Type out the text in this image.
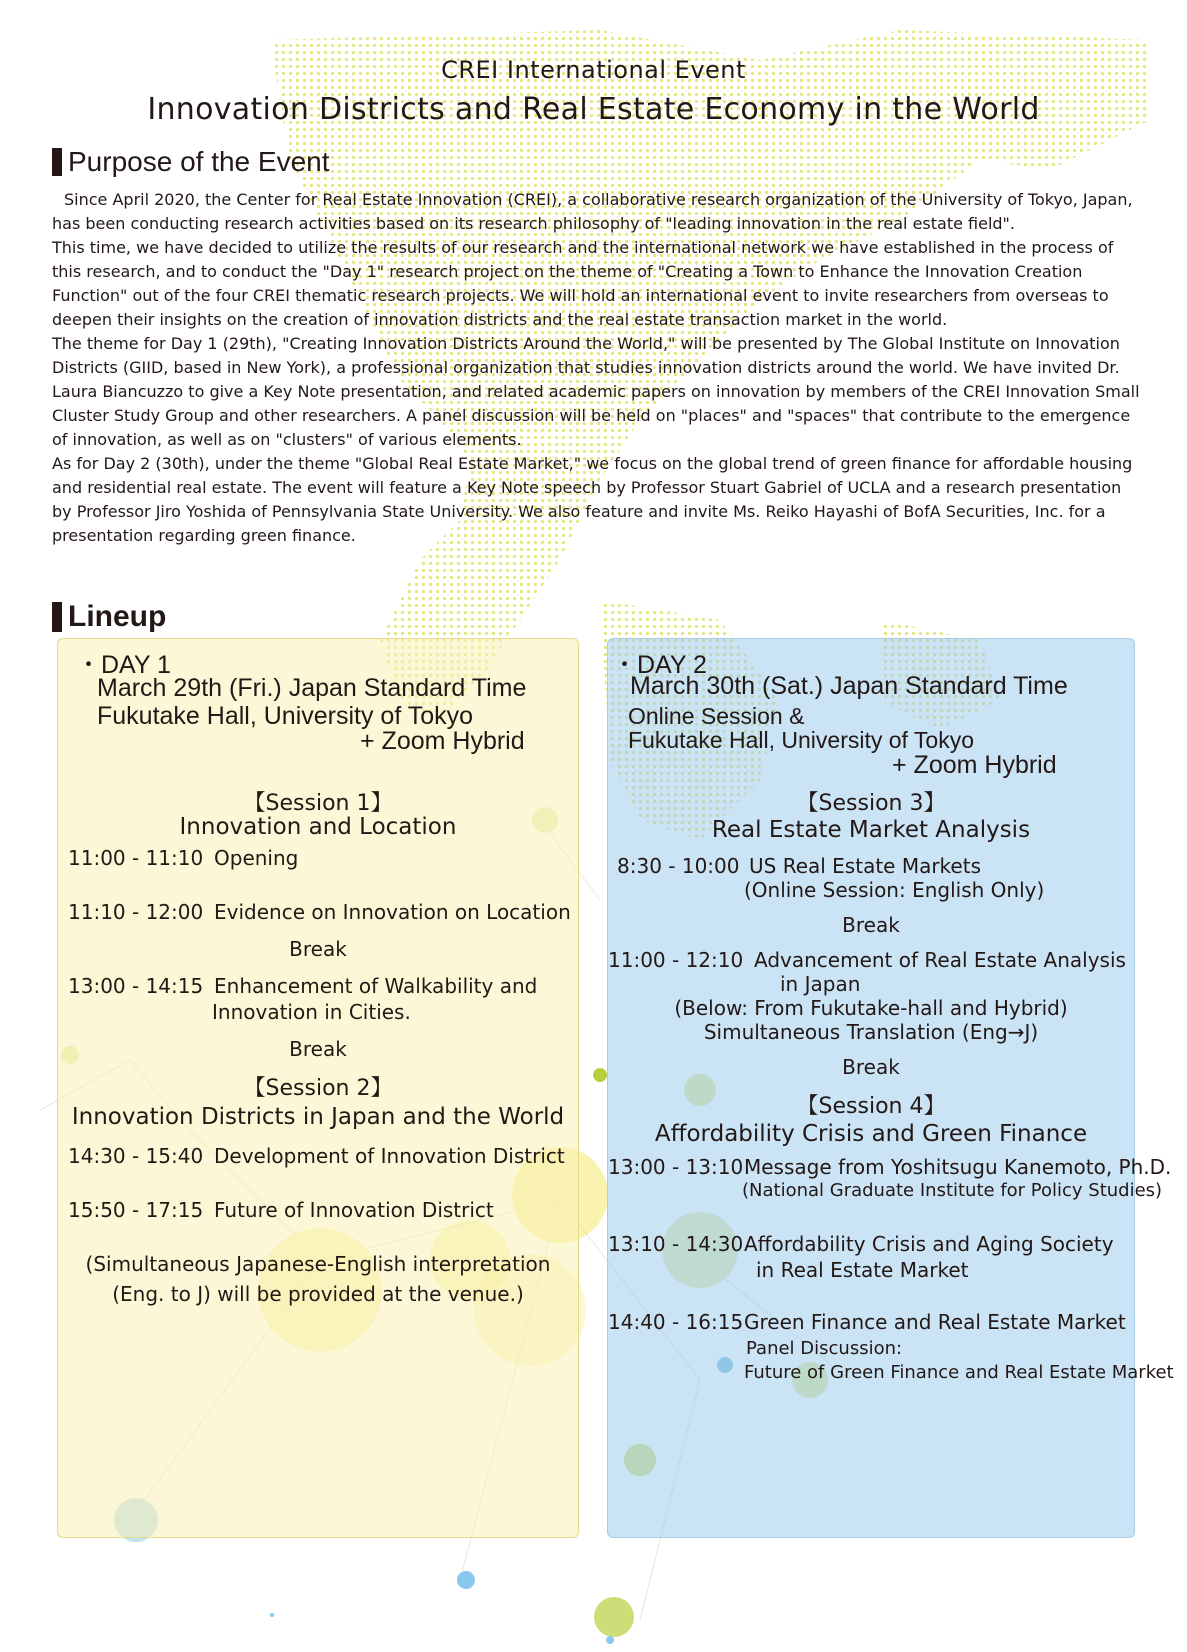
CREI International Event
Innovation Districts and Real Estate Economy in the World
Purpose of the Event

Since April 2020, the Center for Real Estate Innovation (CREI), a collaborative research organization of the University of Tokyo, Japan, has been conducting research activities based on its research philosophy of "leading innovation in the real estate field".

This time, we have decided to utilize the results of our research and the international network we have established in the process of this research, and to conduct the "Day 1" research project on the theme of "Creating a Town to Enhance the Innovation Creation Function" out of the four CREI thematic research projects. We will hold an international event to invite researchers from overseas to deepen their insights on the creation of innovation districts and the real estate transaction market in the world.

The theme for Day 1 (29th), "Creating Innovation Districts Around the World," will be presented by The Global Institute on Innovation Districts (GIID, based in New York), a professional organization that studies innovation districts around the world. We have invited Dr. Laura Biancuzzo to give a Key Note presentation, and related academic papers on innovation by members of the CREI Innovation Small Cluster Study Group and other researchers. A panel discussion will be held on "places" and "spaces" that contribute to the emergence of innovation, as well as on "clusters" of various elements.

As for Day 2 (30th), under the theme "Global Real Estate Market," we focus on the global trend of green finance for affordable housing and residential real estate. The event will feature a Key Note speech by Professor Stuart Gabriel of UCLA and a research presentation by Professor Jiro Yoshida of Pennsylvania State University. We also feature and invite Ms. Reiko Hayashi of BofA Securities, Inc. for a presentation regarding green finance.

Lineup
・DAY 1
March 29th (Fri.) Japan Standard Time
Fukutake Hall, University of Tokyo
+ Zoom Hybrid
【Session 1】
Innovation and Location
11:00 - 11:10 Opening
11:10 - 12:00 Evidence on Innovation on Location
Break
13:00 - 14:15 Enhancement of Walkability and
Innovation in Cities.
Break
【Session 2】
Innovation Districts in Japan and the World
14:30 - 15:40 Development of Innovation District
15:50 - 17:15 Future of Innovation District
(Simultaneous Japanese-English interpretation
(Eng. to J) will be provided at the venue.)
・DAY 2
March 30th (Sat.) Japan Standard Time
Online Session &
Fukutake Hall, University of Tokyo
+ Zoom Hybrid
【Session 3】
Real Estate Market Analysis
8:30 - 10:00 US Real Estate Markets
(Online Session: English Only)
Break
11:00 - 12:10 Advancement of Real Estate Analysis
in Japan
(Below: From Fukutake-hall and Hybrid)
Simultaneous Translation (Eng→J)
Break
【Session 4】
Affordability Crisis and Green Finance
13:00 - 13:10 Message from Yoshitsugu Kanemoto, Ph.D.
(National Graduate Institute for Policy Studies)
13:10 - 14:30 Affordability Crisis and Aging Society
in Real Estate Market
14:40 - 16:15 Green Finance and Real Estate Market
Panel Discussion:
Future of Green Finance and Real Estate Market
